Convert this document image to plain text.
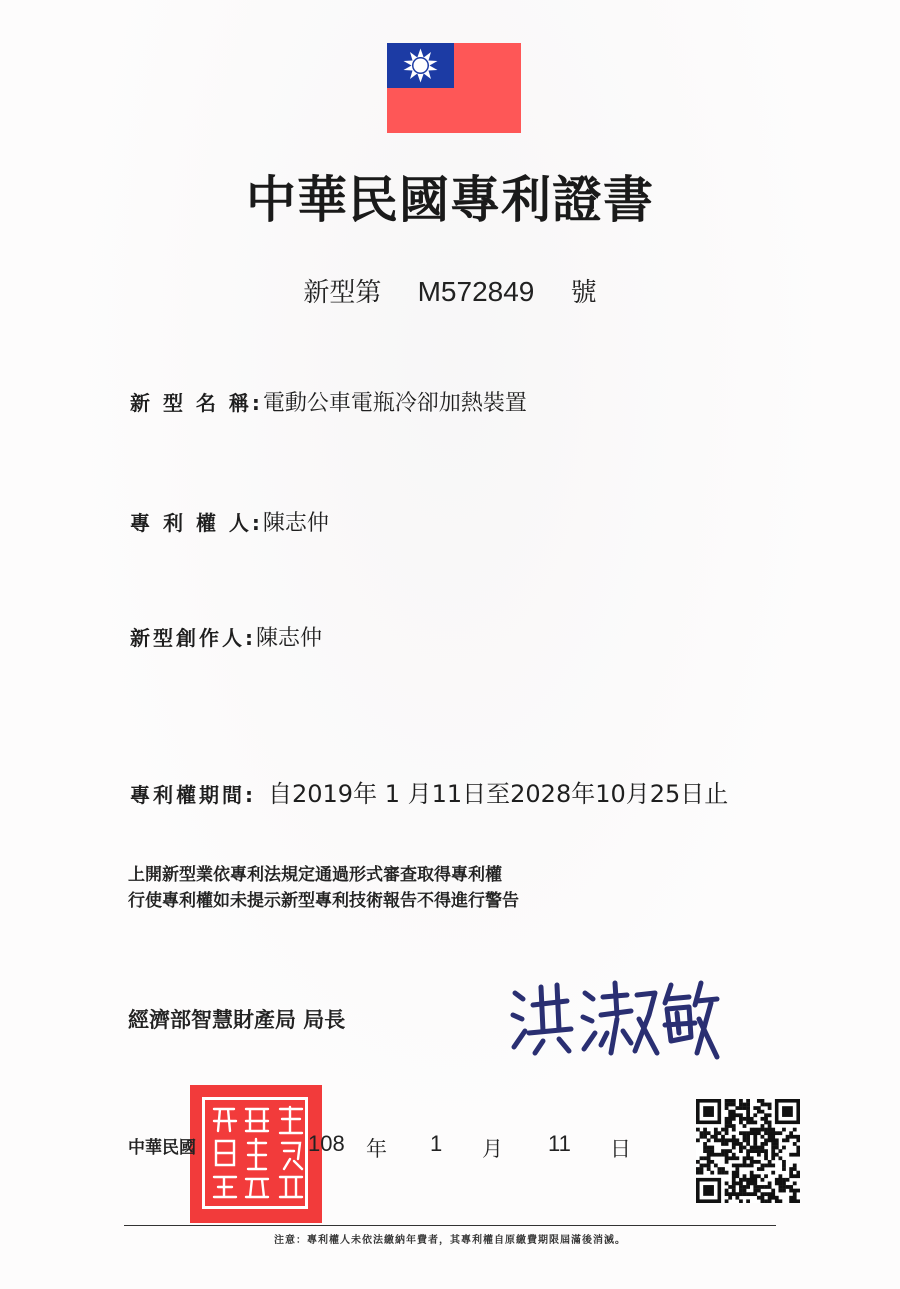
中華民國專利證書
新型第 M572849 號
新 型 名 稱:電動公車電瓶冷卻加熱裝置
專 利 權 人:陳志仲
新型創作人:陳志仲
專利權期間: 自2019年 1 月11日至2028年10月25日止
上開新型業依專利法規定通過形式審查取得專利權
行使專利權如未提示新型專利技術報告不得進行警告
經濟部智慧財產局 局長
中華民國	108 年 1 月 11 日
注意：專利權人未依法繳納年費者，其專利權自原繳費期限屆滿後消滅。
